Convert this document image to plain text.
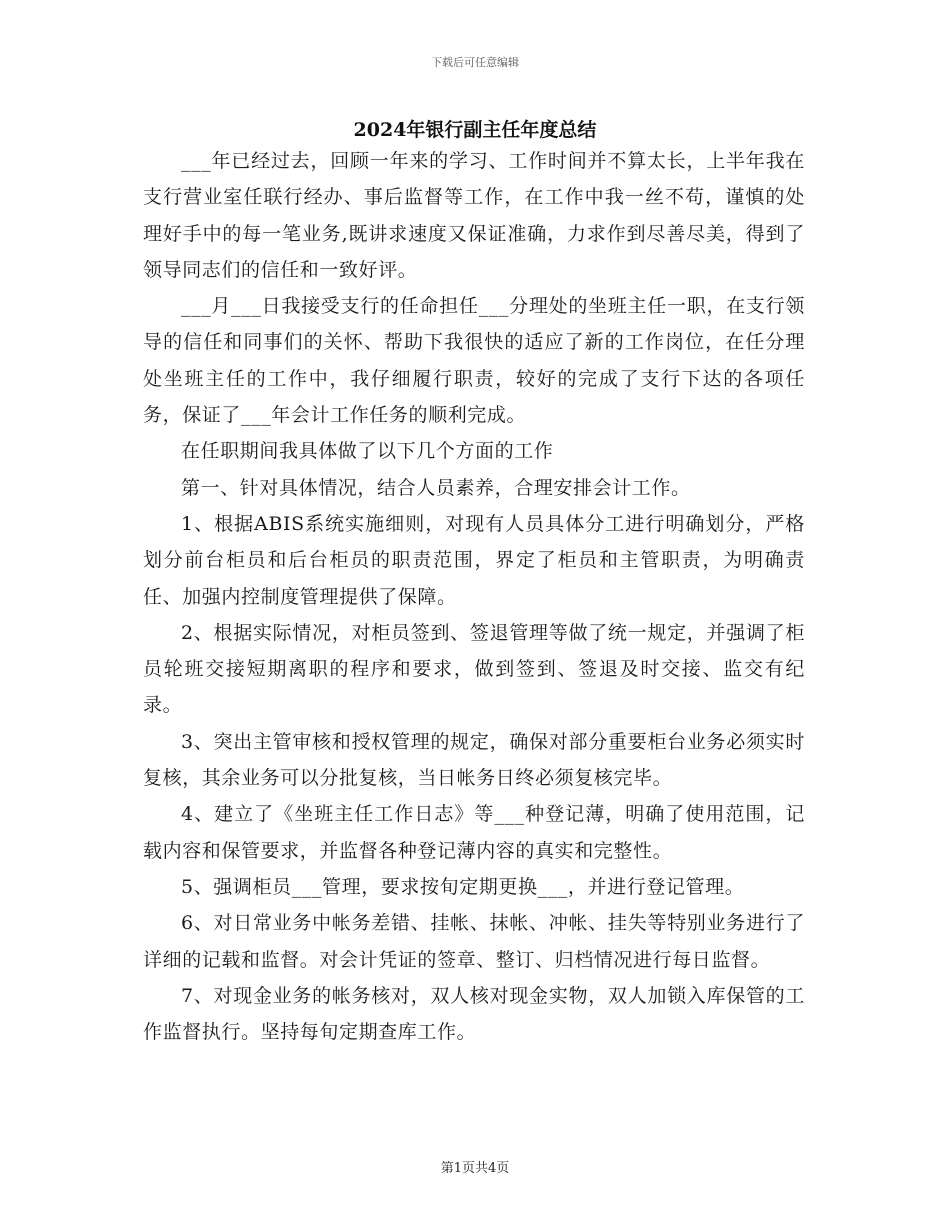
下载后可任意编辑
2024年银行副主任年度总结

___年已经过去，回顾一年来的学习、工作时间并不算太长，上半年我在支行营业室任联行经办、事后监督等工作，在工作中我一丝不苟，谨慎的处理好手中的每一笔业务,既讲求速度又保证准确，力求作到尽善尽美，得到了领导同志们的信任和一致好评。

___月___日我接受支行的任命担任___分理处的坐班主任一职，在支行领导的信任和同事们的关怀、帮助下我很快的适应了新的工作岗位，在任分理处坐班主任的工作中，我仔细履行职责，较好的完成了支行下达的各项任务，保证了___年会计工作任务的顺利完成。

在任职期间我具体做了以下几个方面的工作

第一、针对具体情况，结合人员素养，合理安排会计工作。

1、根据ABIS系统实施细则，对现有人员具体分工进行明确划分，严格划分前台柜员和后台柜员的职责范围，界定了柜员和主管职责，为明确责任、加强内控制度管理提供了保障。

2、根据实际情况，对柜员签到、签退管理等做了统一规定，并强调了柜员轮班交接短期离职的程序和要求，做到签到、签退及时交接、监交有纪录。

3、突出主管审核和授权管理的规定，确保对部分重要柜台业务必须实时复核，其余业务可以分批复核，当日帐务日终必须复核完毕。

4、建立了《坐班主任工作日志》等___种登记薄，明确了使用范围，记载内容和保管要求，并监督各种登记薄内容的真实和完整性。

5、强调柜员___管理，要求按旬定期更换___，并进行登记管理。

6、对日常业务中帐务差错、挂帐、抹帐、冲帐、挂失等特别业务进行了详细的记载和监督。对会计凭证的签章、整订、归档情况进行每日监督。

7、对现金业务的帐务核对，双人核对现金实物，双人加锁入库保管的工作监督执行。坚持每旬定期查库工作。

第1页共4页
